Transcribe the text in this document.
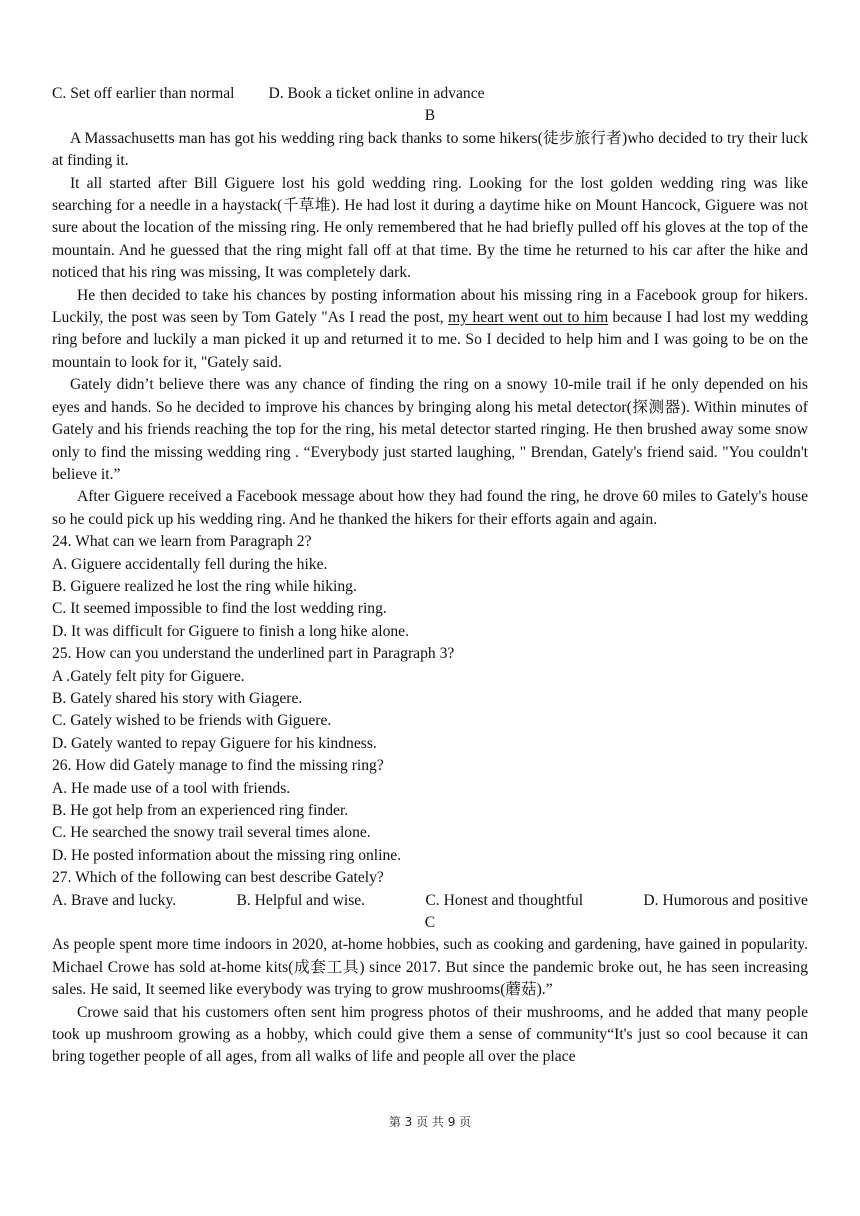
C. Set off earlier than normal D. Book a ticket online in advance
B
A Massachusetts man has got his wedding ring back thanks to some hikers(徒步旅行者)who decided to try their luck at finding it.
It all started after Bill Giguere lost his gold wedding ring. Looking for the lost golden wedding ring was like searching for a needle in a haystack(千草堆). He had lost it during a daytime hike on Mount Hancock, Giguere was not sure about the location of the missing ring. He only remembered that he had briefly pulled off his gloves at the top of the mountain. And he guessed that the ring might fall off at that time. By the time he returned to his car after the hike and noticed that his ring was missing, It was completely dark.
He then decided to take his chances by posting information about his missing ring in a Facebook group for hikers. Luckily, the post was seen by Tom Gately "As I read the post, my heart went out to him because I had lost my wedding ring before and luckily a man picked it up and returned it to me. So I decided to help him and I was going to be on the mountain to look for it, "Gately said.
Gately didn’t believe there was any chance of finding the ring on a snowy 10-mile trail if he only depended on his eyes and hands. So he decided to improve his chances by bringing along his metal detector(探测器). Within minutes of Gately and his friends reaching the top for the ring, his metal detector started ringing. He then brushed away some snow only to find the missing wedding ring . “Everybody just started laughing, " Brendan, Gately's friend said. "You couldn't believe it.”
After Giguere received a Facebook message about how they had found the ring, he drove 60 miles to Gately's house so he could pick up his wedding ring. And he thanked the hikers for their efforts again and again.
24. What can we learn from Paragraph 2?
A. Giguere accidentally fell during the hike.
B. Giguere realized he lost the ring while hiking.
C. It seemed impossible to find the lost wedding ring.
D. It was difficult for Giguere to finish a long hike alone.
25. How can you understand the underlined part in Paragraph 3?
A .Gately felt pity for Giguere.
B. Gately shared his story with Giagere.
C. Gately wished to be friends with Giguere.
D. Gately wanted to repay Giguere for his kindness.
26. How did Gately manage to find the missing ring?
A. He made use of a tool with friends.
B. He got help from an experienced ring finder.
C. He searched the snowy trail several times alone.
D. He posted information about the missing ring online.
27. Which of the following can best describe Gately?
A. Brave and lucky.	B. Helpful and wise.	C. Honest and thoughtful	D. Humorous and positive
C
As people spent more time indoors in 2020, at-home hobbies, such as cooking and gardening, have gained in popularity. Michael Crowe has sold at-home kits(成套工具) since 2017. But since the pandemic broke out, he has seen increasing sales. He said, It seemed like everybody was trying to grow mushrooms(蘑菇).”
Crowe said that his customers often sent him progress photos of their mushrooms, and he added that many people took up mushroom growing as a hobby, which could give them a sense of community“It's just so cool because it can bring together people of all ages, from all walks of life and people all over the place
第 3 页 共 9 页
